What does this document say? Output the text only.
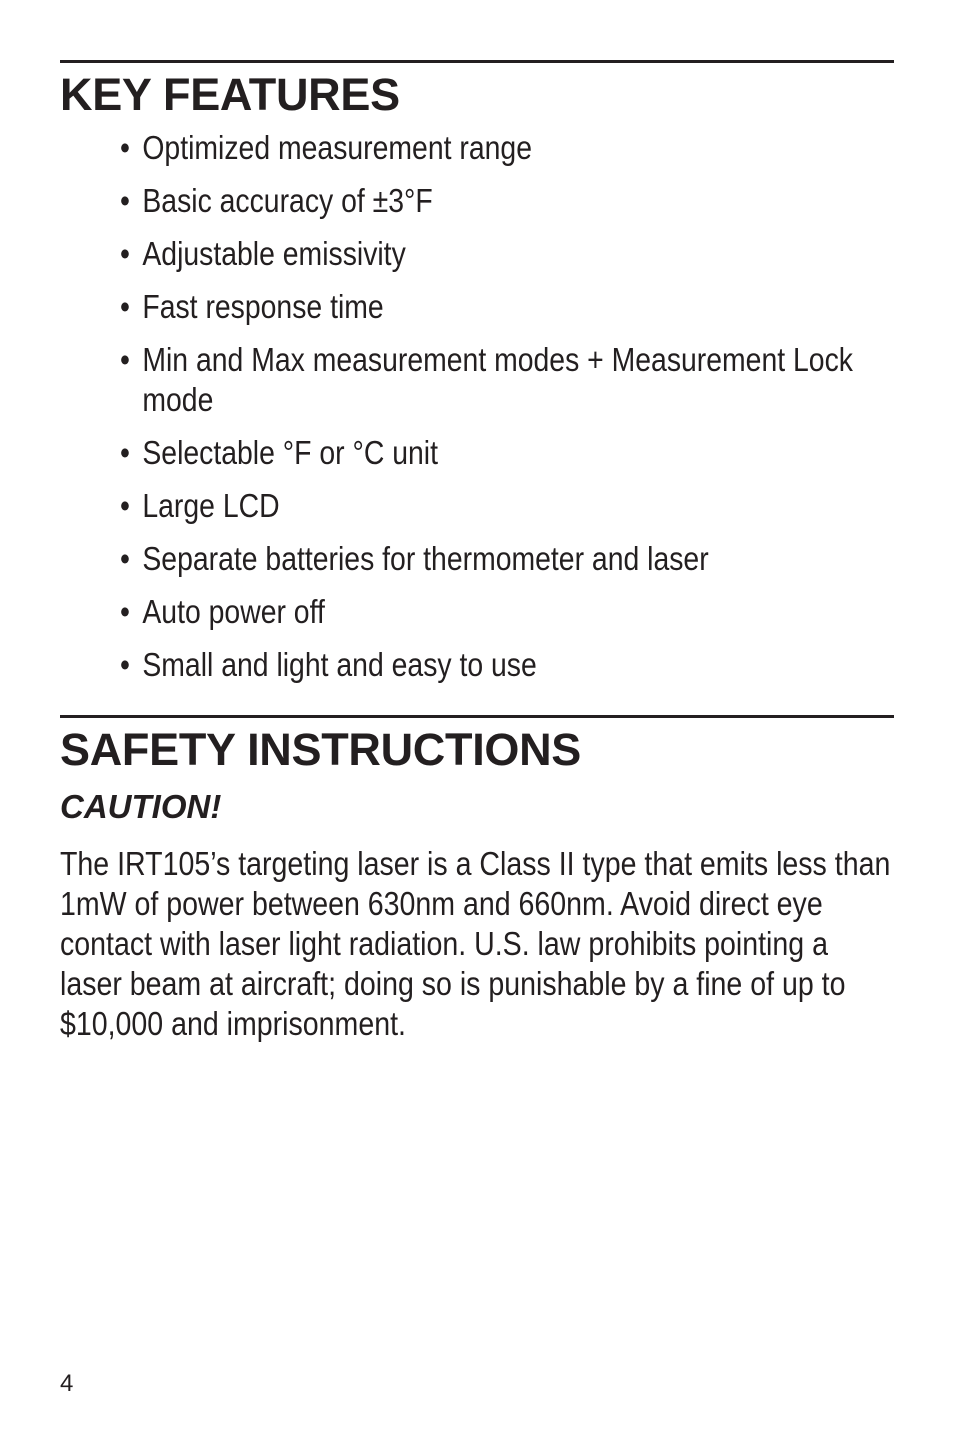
KEY FEATURES
• Optimized measurement range
• Basic accuracy of ±3°F
• Adjustable emissivity
• Fast response time
• Min and Max measurement modes + Measurement Lock mode
• Selectable °F or °C unit
• Large LCD
• Separate batteries for thermometer and laser
• Auto power off
• Small and light and easy to use
SAFETY INSTRUCTIONS
CAUTION!

The IRT105’s targeting laser is a Class II type that emits less than 1mW of power between 630nm and 660nm. Avoid direct eye contact with laser light radiation. U.S. law prohibits pointing a laser beam at aircraft; doing so is punishable by a fine of up to $10,000 and imprisonment.

4
